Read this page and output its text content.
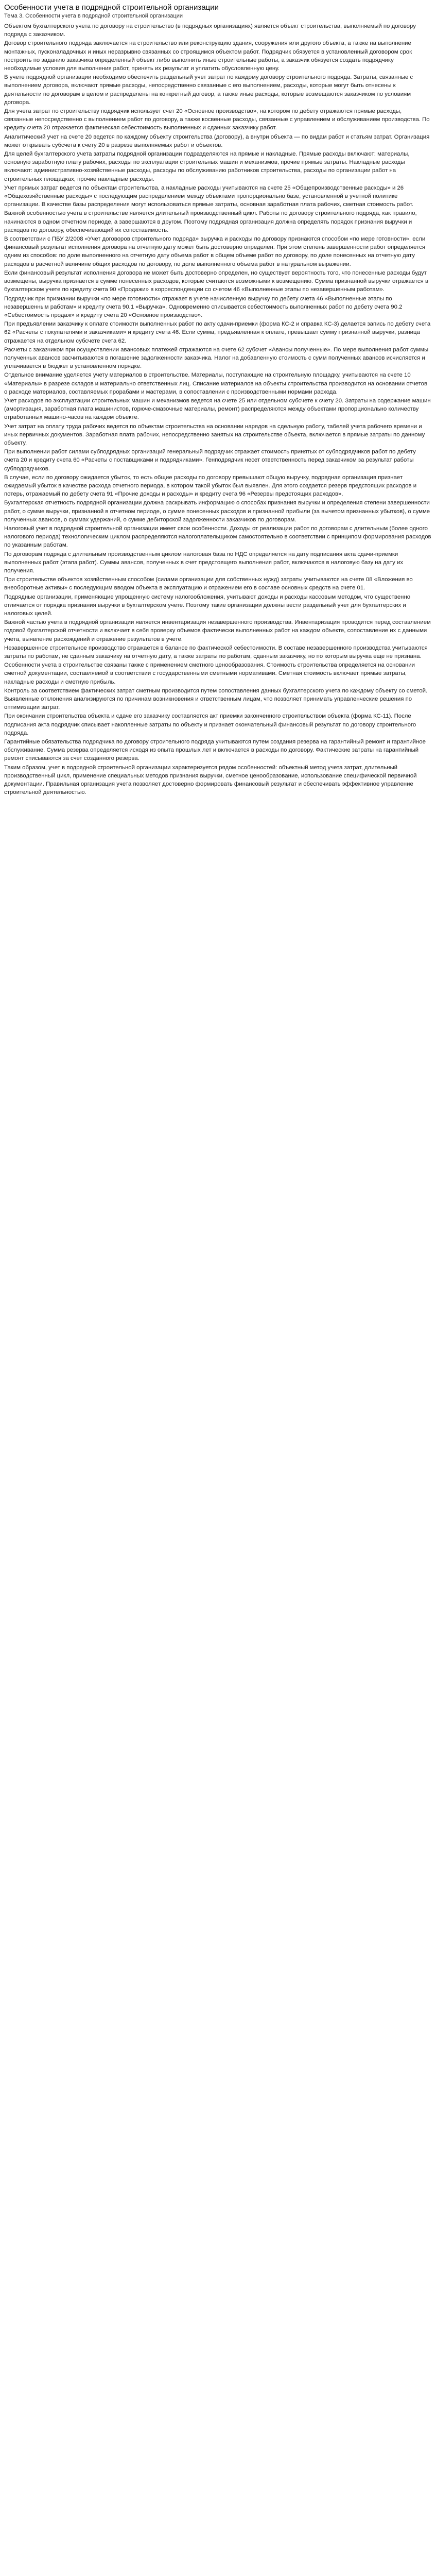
Особенности учета в подрядной строительной организации
Тема 3. Особенности учета в подрядной строительной организации

Объектом бухгалтерского учета по договору на строительство (в подрядных организациях) является объект строительства, выполняемый по договору подряда с заказчиком.

Договор строительного подряда заключается на строительство или реконструкцию здания, сооружения или другого объекта, а также на выполнение монтажных, пусконаладочных и иных неразрывно связанных со строящимся объектом работ. Подрядчик обязуется в установленный договором срок построить по заданию заказчика определенный объект либо выполнить иные строительные работы, а заказчик обязуется создать подрядчику необходимые условия для выполнения работ, принять их результат и уплатить обусловленную цену.

В учете подрядной организации необходимо обеспечить раздельный учет затрат по каждому договору строительного подряда. Затраты, связанные с выполнением договора, включают прямые расходы, непосредственно связанные с его выполнением, расходы, которые могут быть отнесены к деятельности по договорам в целом и распределены на конкретный договор, а также иные расходы, которые возмещаются заказчиком по условиям договора.

Для учета затрат по строительству подрядчик использует счет 20 «Основное производство», на котором по дебету отражаются прямые расходы, связанные непосредственно с выполнением работ по договору, а также косвенные расходы, связанные с управлением и обслуживанием производства. По кредиту счета 20 отражается фактическая себестоимость выполненных и сданных заказчику работ.

Аналитический учет на счете 20 ведется по каждому объекту строительства (договору), а внутри объекта — по видам работ и статьям затрат. Организация может открывать субсчета к счету 20 в разрезе выполняемых работ и объектов.

Для целей бухгалтерского учета затраты подрядной организации подразделяются на прямые и накладные. Прямые расходы включают: материалы, основную заработную плату рабочих, расходы по эксплуатации строительных машин и механизмов, прочие прямые затраты. Накладные расходы включают: административно-хозяйственные расходы, расходы по обслуживанию работников строительства, расходы по организации работ на строительных площадках, прочие накладные расходы.

Учет прямых затрат ведется по объектам строительства, а накладные расходы учитываются на счете 25 «Общепроизводственные расходы» и 26 «Общехозяйственные расходы» с последующим распределением между объектами пропорционально базе, установленной в учетной политике организации. В качестве базы распределения могут использоваться прямые затраты, основная заработная плата рабочих, сметная стоимость работ.

Важной особенностью учета в строительстве является длительный производственный цикл. Работы по договору строительного подряда, как правило, начинаются в одном отчетном периоде, а завершаются в другом. Поэтому подрядная организация должна определять порядок признания выручки и расходов по договору, обеспечивающий их сопоставимость.

В соответствии с ПБУ 2/2008 «Учет договоров строительного подряда» выручка и расходы по договору признаются способом «по мере готовности», если финансовый результат исполнения договора на отчетную дату может быть достоверно определен. При этом степень завершенности работ определяется одним из способов: по доле выполненного на отчетную дату объема работ в общем объеме работ по договору, по доле понесенных на отчетную дату расходов в расчетной величине общих расходов по договору, по доле выполненного объема работ в натуральном выражении.

Если финансовый результат исполнения договора не может быть достоверно определен, но существует вероятность того, что понесенные расходы будут возмещены, выручка признается в сумме понесенных расходов, которые считаются возможными к возмещению. Сумма признанной выручки отражается в бухгалтерском учете по кредиту счета 90 «Продажи» в корреспонденции со счетом 46 «Выполненные этапы по незавершенным работам».

Подрядчик при признании выручки «по мере готовности» отражает в учете начисленную выручку по дебету счета 46 «Выполненные этапы по незавершенным работам» и кредиту счета 90.1 «Выручка». Одновременно списывается себестоимость выполненных работ по дебету счета 90.2 «Себестоимость продаж» и кредиту счета 20 «Основное производство».

При предъявлении заказчику к оплате стоимости выполненных работ по акту сдачи-приемки (форма КС-2 и справка КС-3) делается запись по дебету счета 62 «Расчеты с покупателями и заказчиками» и кредиту счета 46. Если сумма, предъявленная к оплате, превышает сумму признанной выручки, разница отражается на отдельном субсчете счета 62.

Расчеты с заказчиком при осуществлении авансовых платежей отражаются на счете 62 субсчет «Авансы полученные». По мере выполнения работ суммы полученных авансов засчитываются в погашение задолженности заказчика. Налог на добавленную стоимость с сумм полученных авансов исчисляется и уплачивается в бюджет в установленном порядке.

Отдельное внимание уделяется учету материалов в строительстве. Материалы, поступающие на строительную площадку, учитываются на счете 10 «Материалы» в разрезе складов и материально ответственных лиц. Списание материалов на объекты строительства производится на основании отчетов о расходе материалов, составляемых прорабами и мастерами, в сопоставлении с производственными нормами расхода.

Учет расходов по эксплуатации строительных машин и механизмов ведется на счете 25 или отдельном субсчете к счету 20. Затраты на содержание машин (амортизация, заработная плата машинистов, горюче-смазочные материалы, ремонт) распределяются между объектами пропорционально количеству отработанных машино-часов на каждом объекте.

Учет затрат на оплату труда рабочих ведется по объектам строительства на основании нарядов на сдельную работу, табелей учета рабочего времени и иных первичных документов. Заработная плата рабочих, непосредственно занятых на строительстве объекта, включается в прямые затраты по данному объекту.

При выполнении работ силами субподрядных организаций генеральный подрядчик отражает стоимость принятых от субподрядчиков работ по дебету счета 20 и кредиту счета 60 «Расчеты с поставщиками и подрядчиками». Генподрядчик несет ответственность перед заказчиком за результат работы субподрядчиков.

В случае, если по договору ожидается убыток, то есть общие расходы по договору превышают общую выручку, подрядная организация признает ожидаемый убыток в качестве расхода отчетного периода, в котором такой убыток был выявлен. Для этого создается резерв предстоящих расходов и потерь, отражаемый по дебету счета 91 «Прочие доходы и расходы» и кредиту счета 96 «Резервы предстоящих расходов».

Бухгалтерская отчетность подрядной организации должна раскрывать информацию о способах признания выручки и определения степени завершенности работ, о сумме выручки, признанной в отчетном периоде, о сумме понесенных расходов и признанной прибыли (за вычетом признанных убытков), о сумме полученных авансов, о суммах удержаний, о сумме дебиторской задолженности заказчиков по договорам.

Налоговый учет в подрядной строительной организации имеет свои особенности. Доходы от реализации работ по договорам с длительным (более одного налогового периода) технологическим циклом распределяются налогоплательщиком самостоятельно в соответствии с принципом формирования расходов по указанным работам.

По договорам подряда с длительным производственным циклом налоговая база по НДС определяется на дату подписания акта сдачи-приемки выполненных работ (этапа работ). Суммы авансов, полученных в счет предстоящего выполнения работ, включаются в налоговую базу на дату их получения.

При строительстве объектов хозяйственным способом (силами организации для собственных нужд) затраты учитываются на счете 08 «Вложения во внеоборотные активы» с последующим вводом объекта в эксплуатацию и отражением его в составе основных средств на счете 01.

Подрядные организации, применяющие упрощенную систему налогообложения, учитывают доходы и расходы кассовым методом, что существенно отличается от порядка признания выручки в бухгалтерском учете. Поэтому такие организации должны вести раздельный учет для бухгалтерских и налоговых целей.

Важной частью учета в подрядной организации является инвентаризация незавершенного производства. Инвентаризация проводится перед составлением годовой бухгалтерской отчетности и включает в себя проверку объемов фактически выполненных работ на каждом объекте, сопоставление их с данными учета, выявление расхождений и отражение результатов в учете.

Незавершенное строительное производство отражается в балансе по фактической себестоимости. В составе незавершенного производства учитываются затраты по работам, не сданным заказчику на отчетную дату, а также затраты по работам, сданным заказчику, но по которым выручка еще не признана.

Особенности учета в строительстве связаны также с применением сметного ценообразования. Стоимость строительства определяется на основании сметной документации, составляемой в соответствии с государственными сметными нормативами. Сметная стоимость включает прямые затраты, накладные расходы и сметную прибыль.

Контроль за соответствием фактических затрат сметным производится путем сопоставления данных бухгалтерского учета по каждому объекту со сметой. Выявленные отклонения анализируются по причинам возникновения и ответственным лицам, что позволяет принимать управленческие решения по оптимизации затрат.

При окончании строительства объекта и сдаче его заказчику составляется акт приемки законченного строительством объекта (форма КС-11). После подписания акта подрядчик списывает накопленные затраты по объекту и признает окончательный финансовый результат по договору строительного подряда.

Гарантийные обязательства подрядчика по договору строительного подряда учитываются путем создания резерва на гарантийный ремонт и гарантийное обслуживание. Сумма резерва определяется исходя из опыта прошлых лет и включается в расходы по договору. Фактические затраты на гарантийный ремонт списываются за счет созданного резерва.

Таким образом, учет в подрядной строительной организации характеризуется рядом особенностей: объектный метод учета затрат, длительный производственный цикл, применение специальных методов признания выручки, сметное ценообразование, использование специфической первичной документации. Правильная организация учета позволяет достоверно формировать финансовый результат и обеспечивать эффективное управление строительной деятельностью.
